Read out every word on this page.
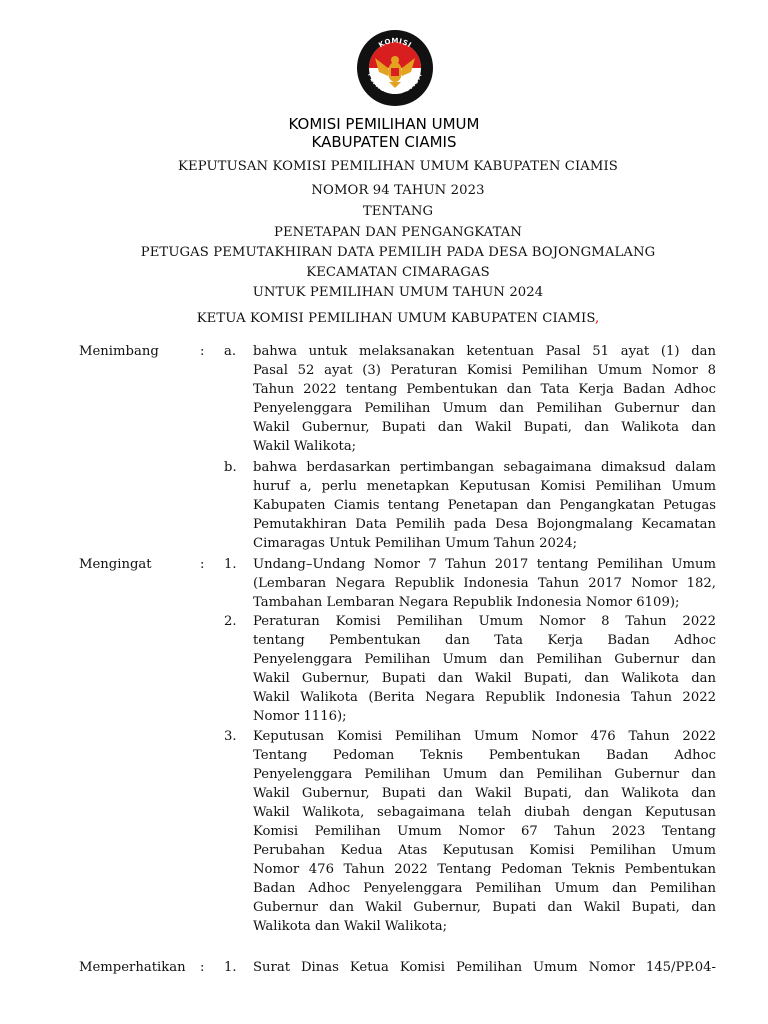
KOMISI
PEMILIHAN UMUM
KOMISI PEMILIHAN UMUM
KABUPATEN CIAMIS
KEPUTUSAN KOMISI PEMILIHAN UMUM KABUPATEN CIAMIS
NOMOR 94 TAHUN 2023
TENTANG
PENETAPAN DAN PENGANGKATAN
PETUGAS PEMUTAKHIRAN DATA PEMILIH PADA DESA BOJONGMALANG
KECAMATAN CIMARAGAS
UNTUK PEMILIHAN UMUM TAHUN 2024
KETUA KOMISI PEMILIHAN UMUM KABUPATEN CIAMIS,
Menimbang	: a. bahwa untuk melaksanakan ketentuan Pasal 51 ayat (1) dan
Pasal 52 ayat (3) Peraturan Komisi Pemilihan Umum Nomor 8
Tahun 2022 tentang Pembentukan dan Tata Kerja Badan Adhoc
Penyelenggara Pemilihan Umum dan Pemilihan Gubernur dan
Wakil Gubernur, Bupati dan Wakil Bupati, dan Walikota dan
Wakil Walikota;
b. bahwa berdasarkan pertimbangan sebagaimana dimaksud dalam
huruf a, perlu menetapkan Keputusan Komisi Pemilihan Umum
Kabupaten Ciamis tentang Penetapan dan Pengangkatan Petugas
Pemutakhiran Data Pemilih pada Desa Bojongmalang Kecamatan
Cimaragas Untuk Pemilihan Umum Tahun 2024;
Mengingat	: 1. Undang–Undang Nomor 7 Tahun 2017 tentang Pemilihan Umum
(Lembaran Negara Republik Indonesia Tahun 2017 Nomor 182,
Tambahan Lembaran Negara Republik Indonesia Nomor 6109);
2. Peraturan Komisi Pemilihan Umum Nomor 8 Tahun 2022
tentang Pembentukan dan Tata Kerja Badan Adhoc
Penyelenggara Pemilihan Umum dan Pemilihan Gubernur dan
Wakil Gubernur, Bupati dan Wakil Bupati, dan Walikota dan
Wakil Walikota (Berita Negara Republik Indonesia Tahun 2022
Nomor 1116);
3. Keputusan Komisi Pemilihan Umum Nomor 476 Tahun 2022
Tentang Pedoman Teknis Pembentukan Badan Adhoc
Penyelenggara Pemilihan Umum dan Pemilihan Gubernur dan
Wakil Gubernur, Bupati dan Wakil Bupati, dan Walikota dan
Wakil Walikota, sebagaimana telah diubah dengan Keputusan
Komisi Pemilihan Umum Nomor 67 Tahun 2023 Tentang
Perubahan Kedua Atas Keputusan Komisi Pemilihan Umum
Nomor 476 Tahun 2022 Tentang Pedoman Teknis Pembentukan
Badan Adhoc Penyelenggara Pemilihan Umum dan Pemilihan
Gubernur dan Wakil Gubernur, Bupati dan Wakil Bupati, dan
Walikota dan Wakil Walikota;
Memperhatikan : 1. Surat Dinas Ketua Komisi Pemilihan Umum Nomor 145/PP.04-
